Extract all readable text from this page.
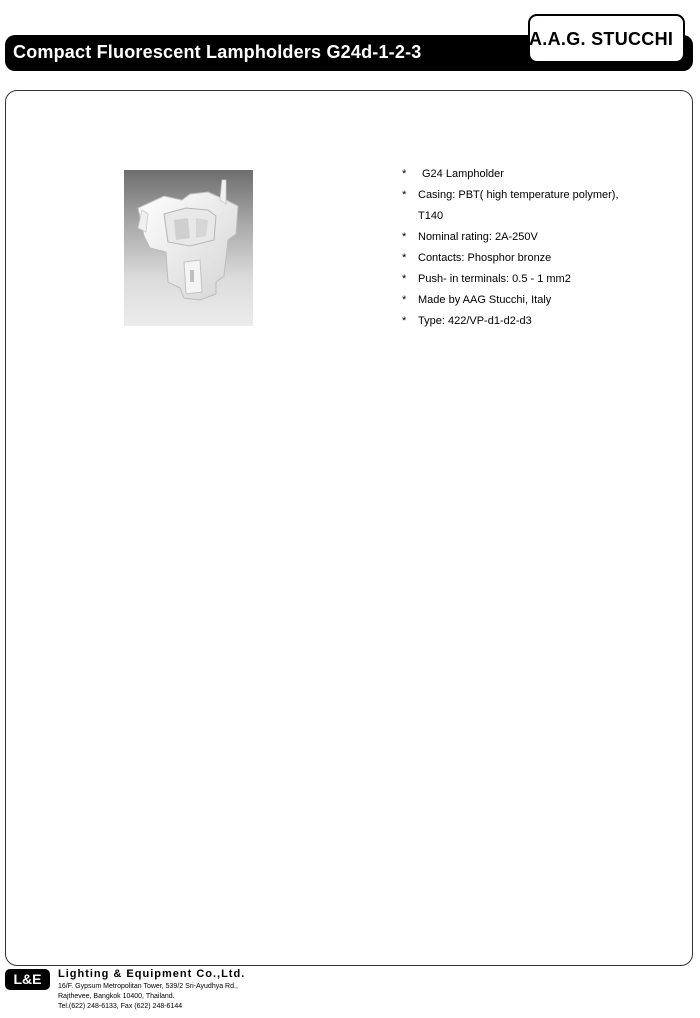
Compact Fluorescent Lampholders G24d-1-2-3
A.A.G. STUCCHI
* G24 Lampholder
* Casing: PBT( high temperature polymer),
T140
* Nominal rating: 2A-250V
* Contacts: Phosphor bronze
* Push- in terminals: 0.5 - 1 mm2
* Made by AAG Stucchi, Italy
* Type: 422/VP-d1-d2-d3
L&E	Lighting & Equipment Co.,Ltd.
16/F. Gypsum Metropolitan Tower, 539/2 Sri-Ayudhya Rd.,
Rajthevee, Bangkok 10400, Thailand.
Tel.(622) 248-6133, Fax (622) 248-6144
